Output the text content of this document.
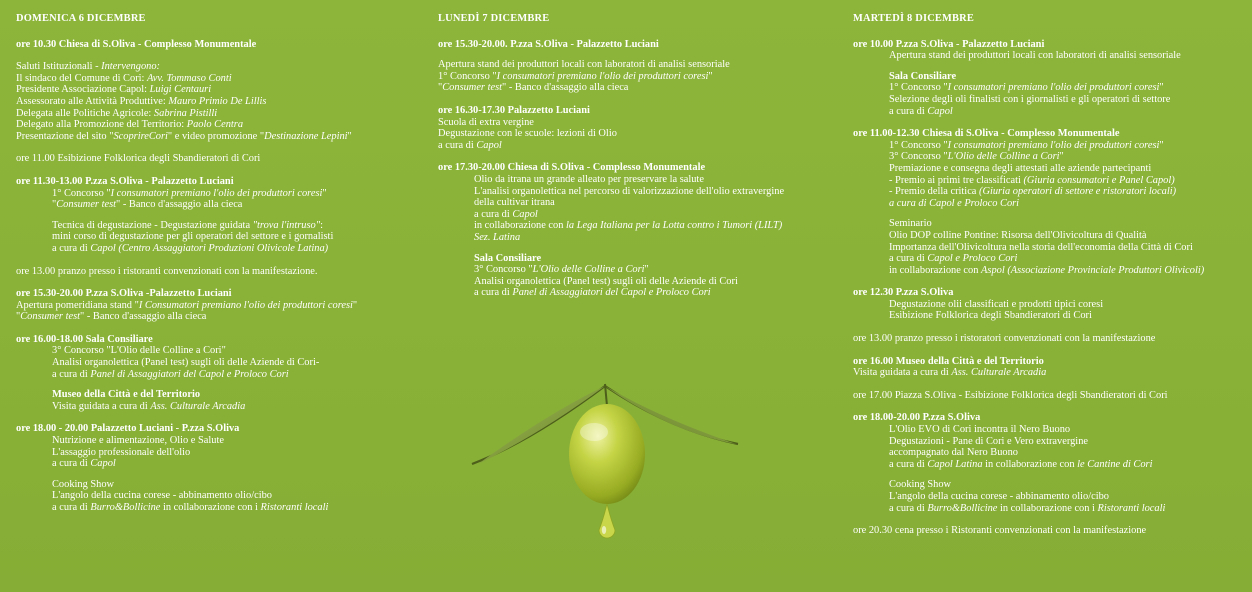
DOMENICA 6 DICEMBRE

ore 10.30 Chiesa di S.Oliva - Complesso Monumentale

Saluti Istituzionali - Intervengono:

Il sindaco del Comune di Cori: Avv. Tommaso Conti

Presidente Associazione Capol: Luigi Centauri

Assessorato alle Attività Produttive: Mauro Primio De Lillis

Delegata alle Politiche Agricole: Sabrina Pistilli

Delegato alla Promozione del Territorio: Paolo Centra

Presentazione del sito "ScoprireCori" e video promozione "Destinazione Lepini"

ore 11.00 Esibizione Folklorica degli Sbandieratori di Cori

ore 11.30-13.00 P.zza S.Oliva - Palazzetto Luciani

1° Concorso "I consumatori premiano l'olio dei produttori coresi"

"Consumer test" - Banco d'assaggio alla cieca

Tecnica di degustazione - Degustazione guidata "trova l'intruso":

mini corso di degustazione per gli operatori del settore e i gornalisti

a cura di Capol (Centro Assaggiatori Produzioni Olivicole Latina)

ore 13.00 pranzo presso i ristoranti convenzionati con la manifestazione.

ore 15.30-20.00 P.zza S.Oliva -Palazzetto Luciani

Apertura pomeridiana stand "I Consumatori premiano l'olio dei produttori coresi"

"Consumer test" - Banco d'assaggio alla cieca

ore 16.00-18.00 Sala Consiliare

3° Concorso "L'Olio delle Colline a Cori"

Analisi organolettica (Panel test) sugli oli delle Aziende di Cori-

a cura di Panel di Assaggiatori del Capol e Proloco Cori

Museo della Città e del Territorio

Visita guidata a cura di Ass. Culturale Arcadia

ore 18.00 - 20.00 Palazzetto Luciani - P.zza S.Oliva

Nutrizione e alimentazione, Olio e Salute

L'assaggio professionale dell'olio

a cura di Capol

Cooking Show

L'angolo della cucina corese - abbinamento olio/cibo

a cura di Burro&Bollicine in collaborazione con i Ristoranti locali

LUNEDÌ 7 DICEMBRE

ore 15.30-20.00. P.zza S.Oliva - Palazzetto Luciani

Apertura stand dei produttori locali con laboratori di analisi sensoriale

1° Concorso "I consumatori premiano l'olio dei produttori coresi"

"Consumer test" - Banco d'assaggio alla cieca

ore 16.30-17.30 Palazzetto Luciani

Scuola di extra vergine

Degustazione con le scuole: lezioni di Olio

a cura di Capol

ore 17.30-20.00 Chiesa di S.Oliva - Complesso Monumentale

Olio da itrana un grande alleato per preservare la salute

L'analisi organolettica nel percorso di valorizzazione dell'olio extravergine

della cultivar itrana

a cura di Capol

in collaborazione con la Lega Italiana per la Lotta contro i Tumori (LILT)

Sez. Latina

Sala Consiliare

3° Concorso "L'Olio delle Colline a Cori"

Analisi organolettica (Panel test) sugli oli delle Aziende di Cori

a cura di Panel di Assaggiatori del Capol e Proloco Cori

MARTEDÌ 8 DICEMBRE

ore 10.00 P.zza S.Oliva - Palazzetto Luciani

Apertura stand dei produttori locali con laboratori di analisi sensoriale

Sala Consiliare

1° Concorso "I consumatori premiano l'olio dei produttori coresi"

Selezione degli oli finalisti con i giornalisti e gli operatori di settore

a cura di Capol

ore 11.00-12.30 Chiesa di S.Oliva - Complesso Monumentale

1° Concorso "I consumatori premiano l'olio dei produttori coresi"

3° Concorso "L'Olio delle Colline a Cori"

Premiazione e consegna degli attestati alle aziende partecipanti

- Premio ai primi tre classificati (Giuria consumatori e Panel Capol)

- Premio della critica (Giuria operatori di settore e ristoratori locali)

a cura di Capol e Proloco Cori

Seminario

Olio DOP colline Pontine: Risorsa dell'Olivicoltura di Qualità

Importanza dell'Olivicoltura nella storia dell'economia della Città di Cori

a cura di Capol e Proloco Cori

in collaborazione con Aspol (Associazione Provinciale Produttori Olivicoli)

ore 12.30 P.zza S.Oliva

Degustazione olii classificati e prodotti tipici coresi

Esibizione Folklorica degli Sbandieratori di Cori

ore 13.00 pranzo presso i ristoratori convenzionati con la manifestazione

ore 16.00 Museo della Città e del Territorio

Visita guidata a cura di Ass. Culturale Arcadia

ore 17.00 Piazza S.Oliva - Esibizione Folklorica degli Sbandieratori di Cori

ore 18.00-20.00 P.zza S.Oliva

L'Olio EVO di Cori incontra il Nero Buono

Degustazioni - Pane di Cori e Vero extravergine

accompagnato dal Nero Buono

a cura di Capol Latina in collaborazione con le Cantine di Cori

Cooking Show

L'angolo della cucina corese - abbinamento olio/cibo

a cura di Burro&Bollicine in collaborazione con i Ristoranti locali

ore 20.30 cena presso i Ristoranti convenzionati con la manifestazione
